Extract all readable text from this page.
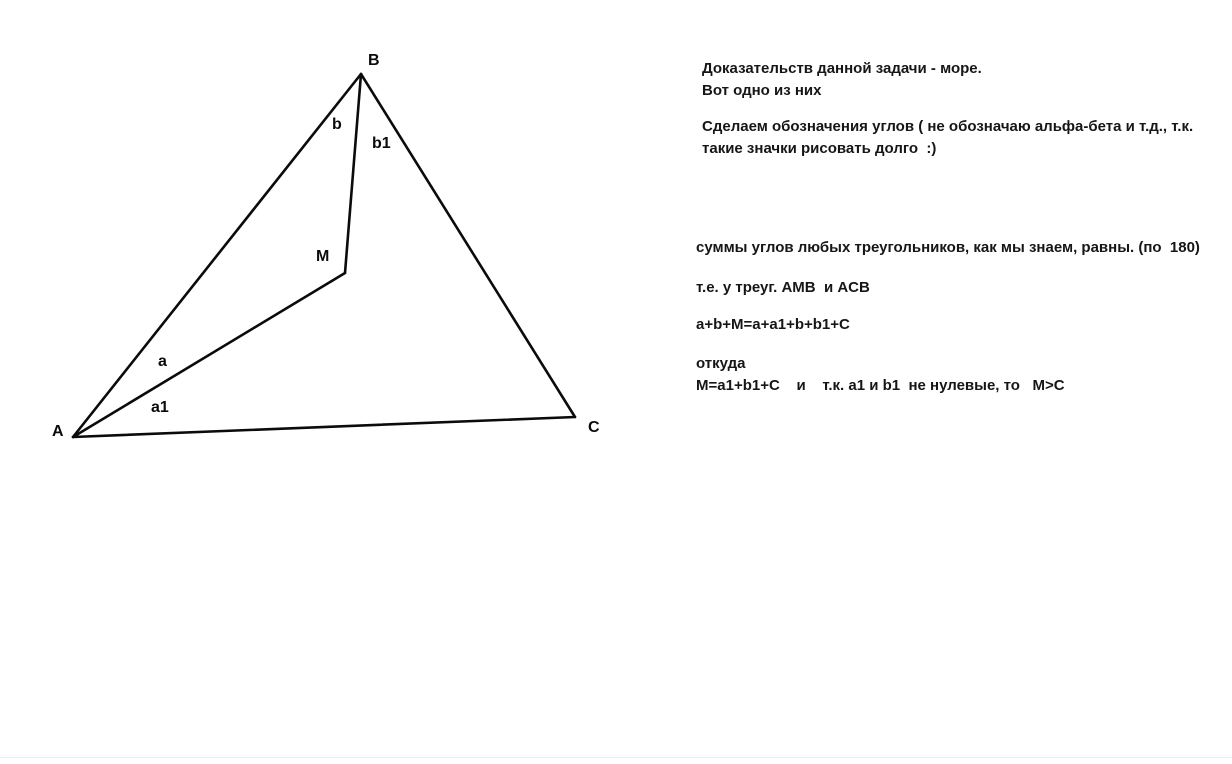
B
A	C
M
b
b1
a
a1

Доказательств данной задачи - море.
Вот одно из них

Сделаем обозначения углов ( не обозначаю альфа-бета и т.д., т.к.
такие значки рисовать долго  :)

суммы углов любых треугольников, как мы знаем, равны. (по  180)

т.е. у треуг. AMB  и ACB

a+b+M=a+a1+b+b1+C

откуда
M=a1+b1+C    и    т.к. a1 и b1  не нулевые, то   M>C
